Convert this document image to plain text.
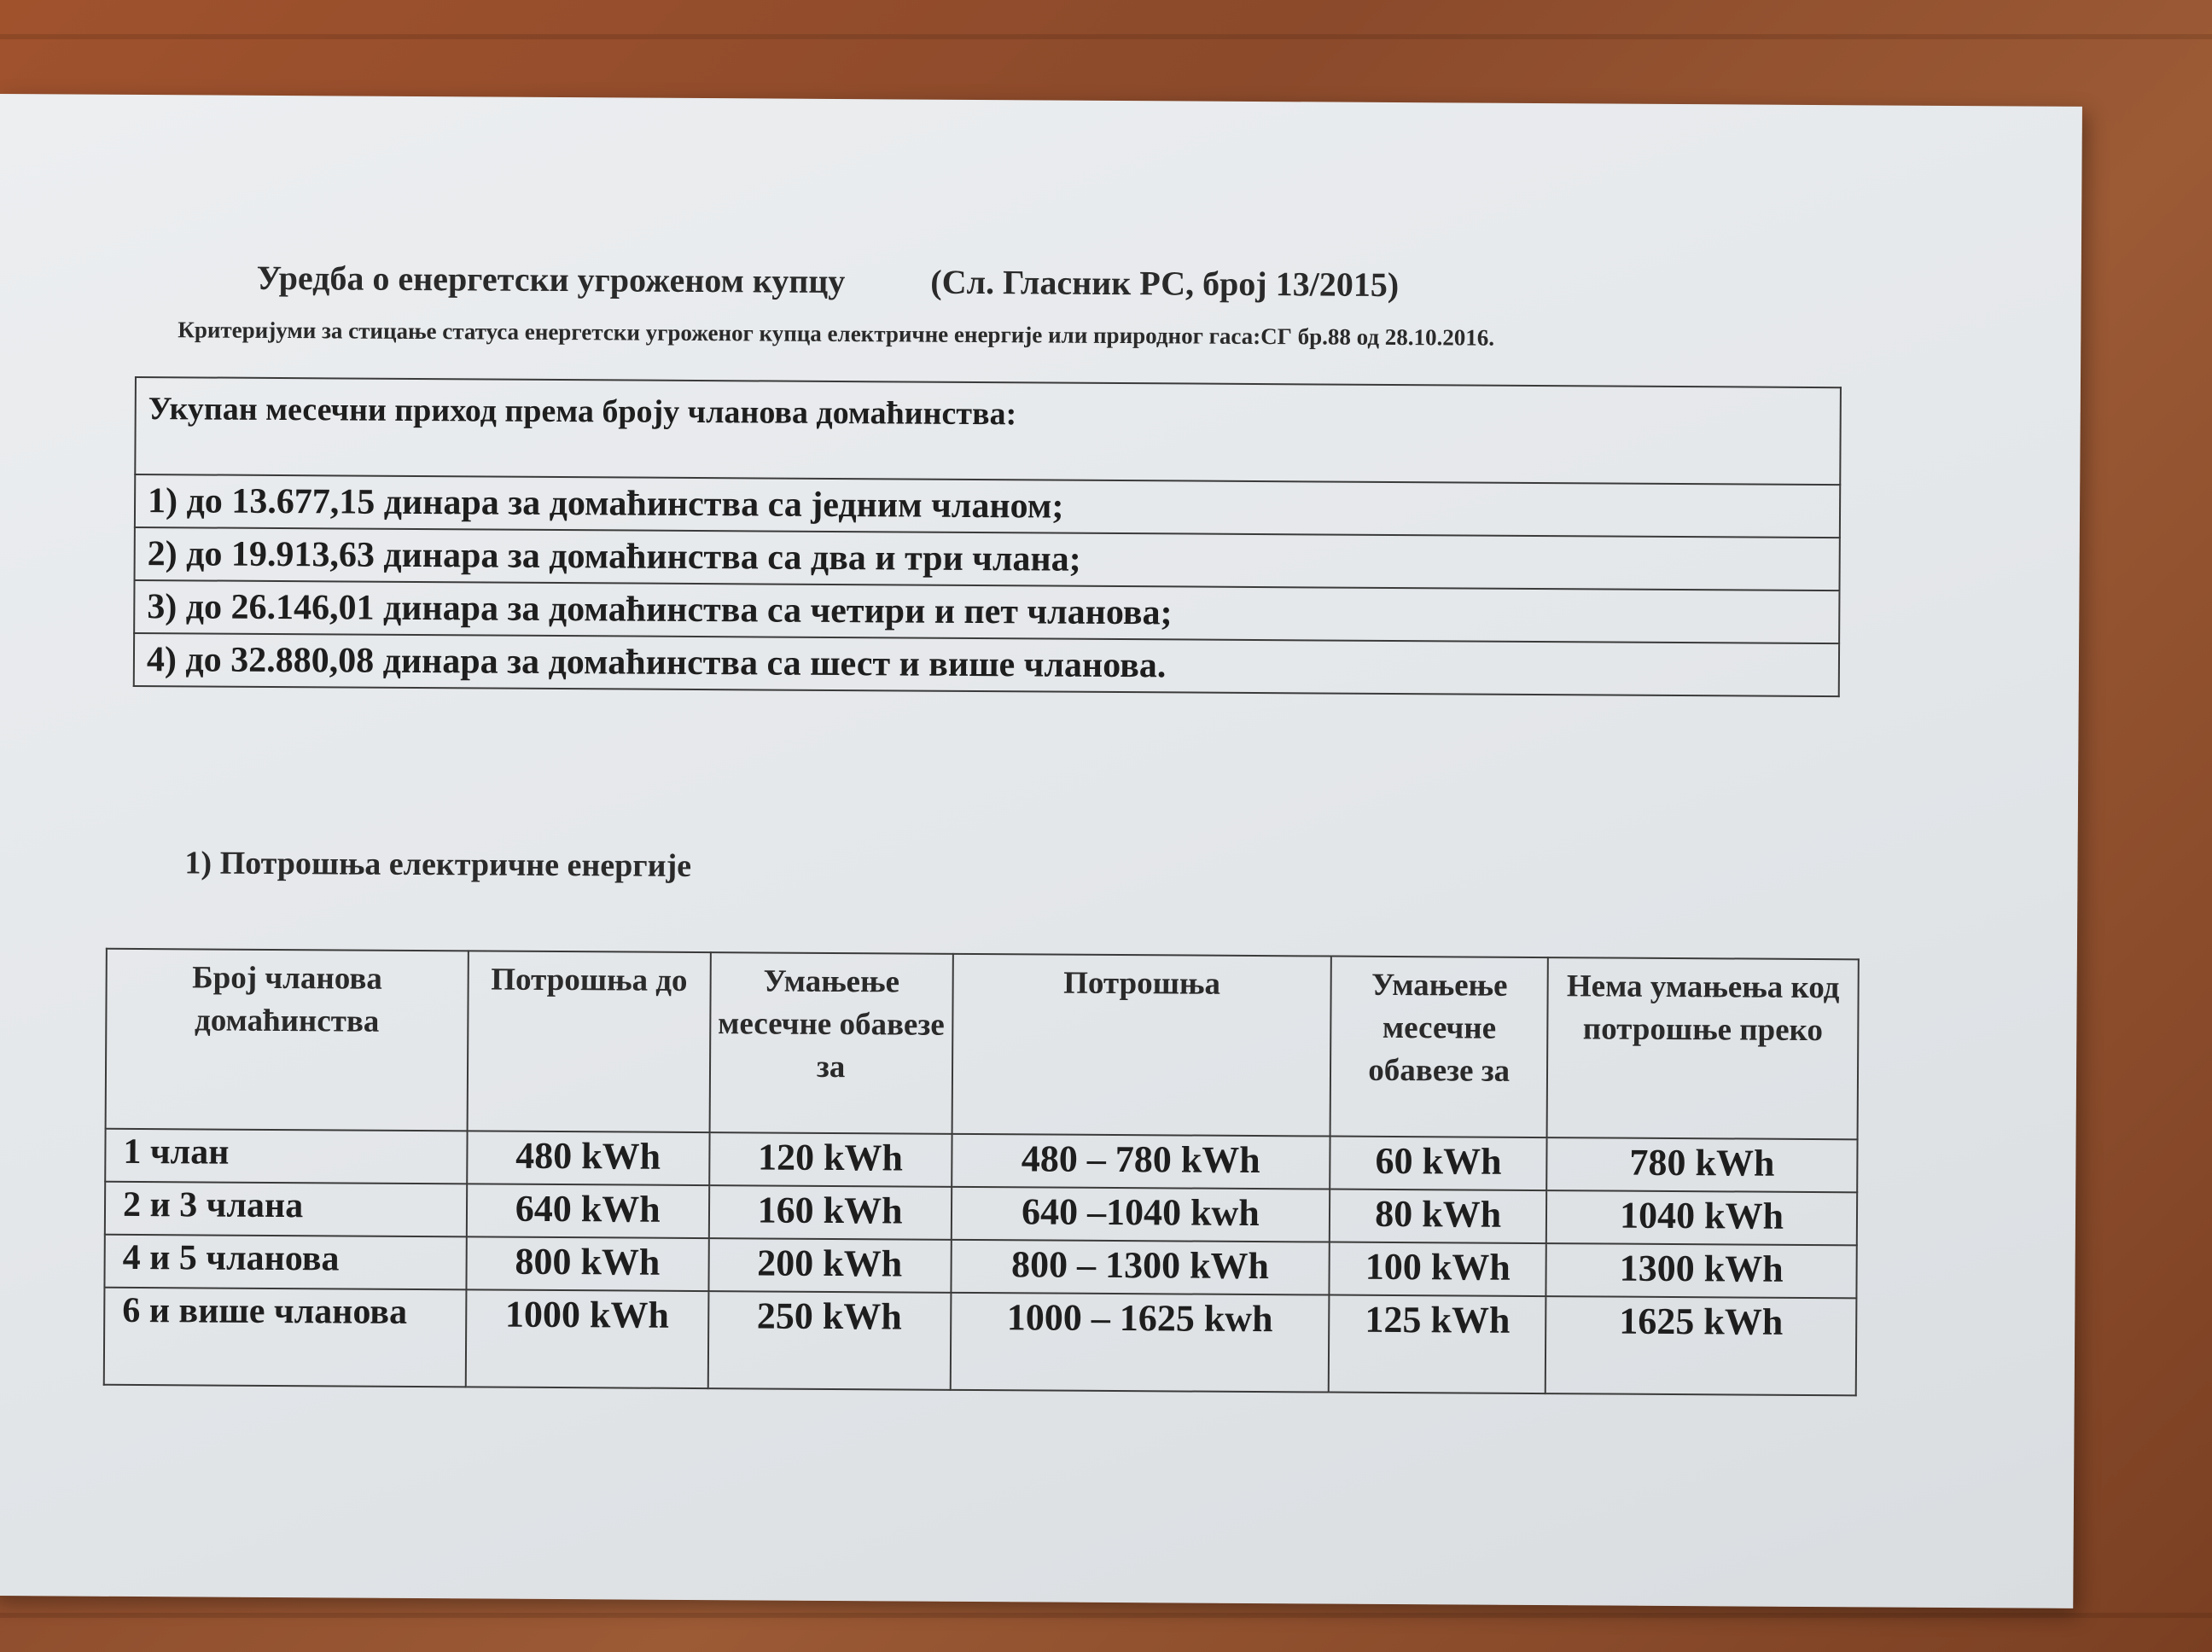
Уредба о енергетски угроженом купцу (Сл. Гласник РС, број 13/2015)
Критеријуми за стицање статуса енергетски угроженог купца електричне енергије или природног гаса:СГ бр.88 од 28.10.2016.
Укупан месечни приход према броју чланова домаћинства:
1) до 13.677,15 динара за домаћинства са једним чланом;
2) до 19.913,63 динара за домаћинства са два и три члана;
3) до 26.146,01 динара за домаћинства са четири и пет чланова;
4) до 32.880,08 динара за домаћинства са шест и више чланова.
1) Потрошња електричне енергије
Број чланова домаћинства	Потрошња до	Умањење месечне обавезе за	Потрошња	Умањење месечне обавезе за	Нема умањења код потрошње преко
1 члан	480 kWh	120 kWh	480 – 780 kWh	60 kWh	780 kWh
2 и 3 члана	640 kWh	160 kWh	640 –1040 kwh	80 kWh	1040 kWh
4 и 5 чланова	800 kWh	200 kWh	800 – 1300 kWh	100 kWh	1300 kWh
6 и више чланова	1000 kWh	250 kWh	1000 – 1625 kwh	125 kWh	1625 kWh
